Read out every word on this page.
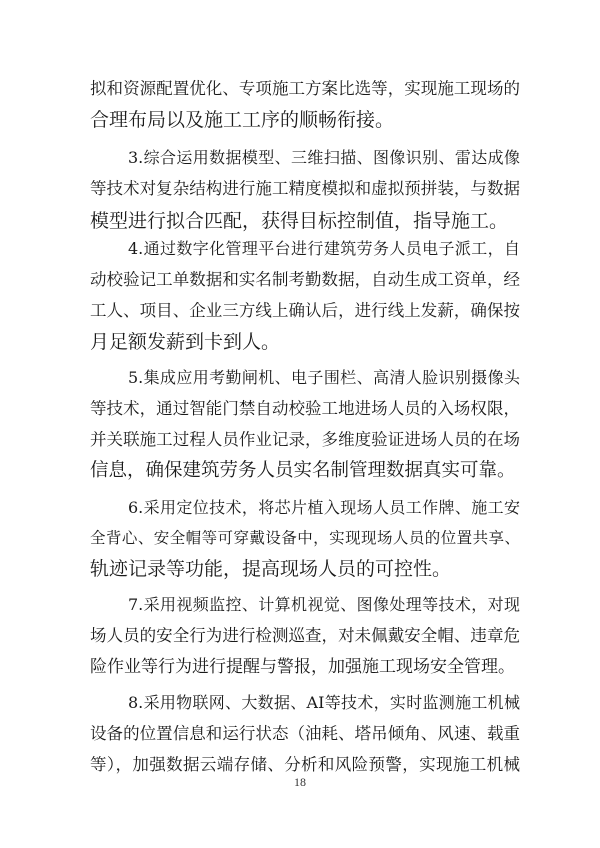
拟和资源配置优化、专项施工方案比选等，实现施工现场的
合理布局以及施工工序的顺畅衔接。
3.综合运用数据模型、三维扫描、图像识别、雷达成像
等技术对复杂结构进行施工精度模拟和虚拟预拼装，与数据
模型进行拟合匹配，获得目标控制值，指导施工。
4.通过数字化管理平台进行建筑劳务人员电子派工，自
动校验记工单数据和实名制考勤数据，自动生成工资单，经
工人、项目、企业三方线上确认后，进行线上发薪，确保按
月足额发薪到卡到人。
5.集成应用考勤闸机、电子围栏、高清人脸识别摄像头
等技术，通过智能门禁自动校验工地进场人员的入场权限，
并关联施工过程人员作业记录，多维度验证进场人员的在场
信息，确保建筑劳务人员实名制管理数据真实可靠。
6.采用定位技术，将芯片植入现场人员工作牌、施工安
全背心、安全帽等可穿戴设备中，实现现场人员的位置共享、
轨迹记录等功能，提高现场人员的可控性。
7.采用视频监控、计算机视觉、图像处理等技术，对现
场人员的安全行为进行检测巡查，对未佩戴安全帽、违章危
险作业等行为进行提醒与警报，加强施工现场安全管理。
8.采用物联网、大数据、AI等技术，实时监测施工机械
设备的位置信息和运行状态（油耗、塔吊倾角、风速、载重
等），加强数据云端存储、分析和风险预警，实现施工机械
18
